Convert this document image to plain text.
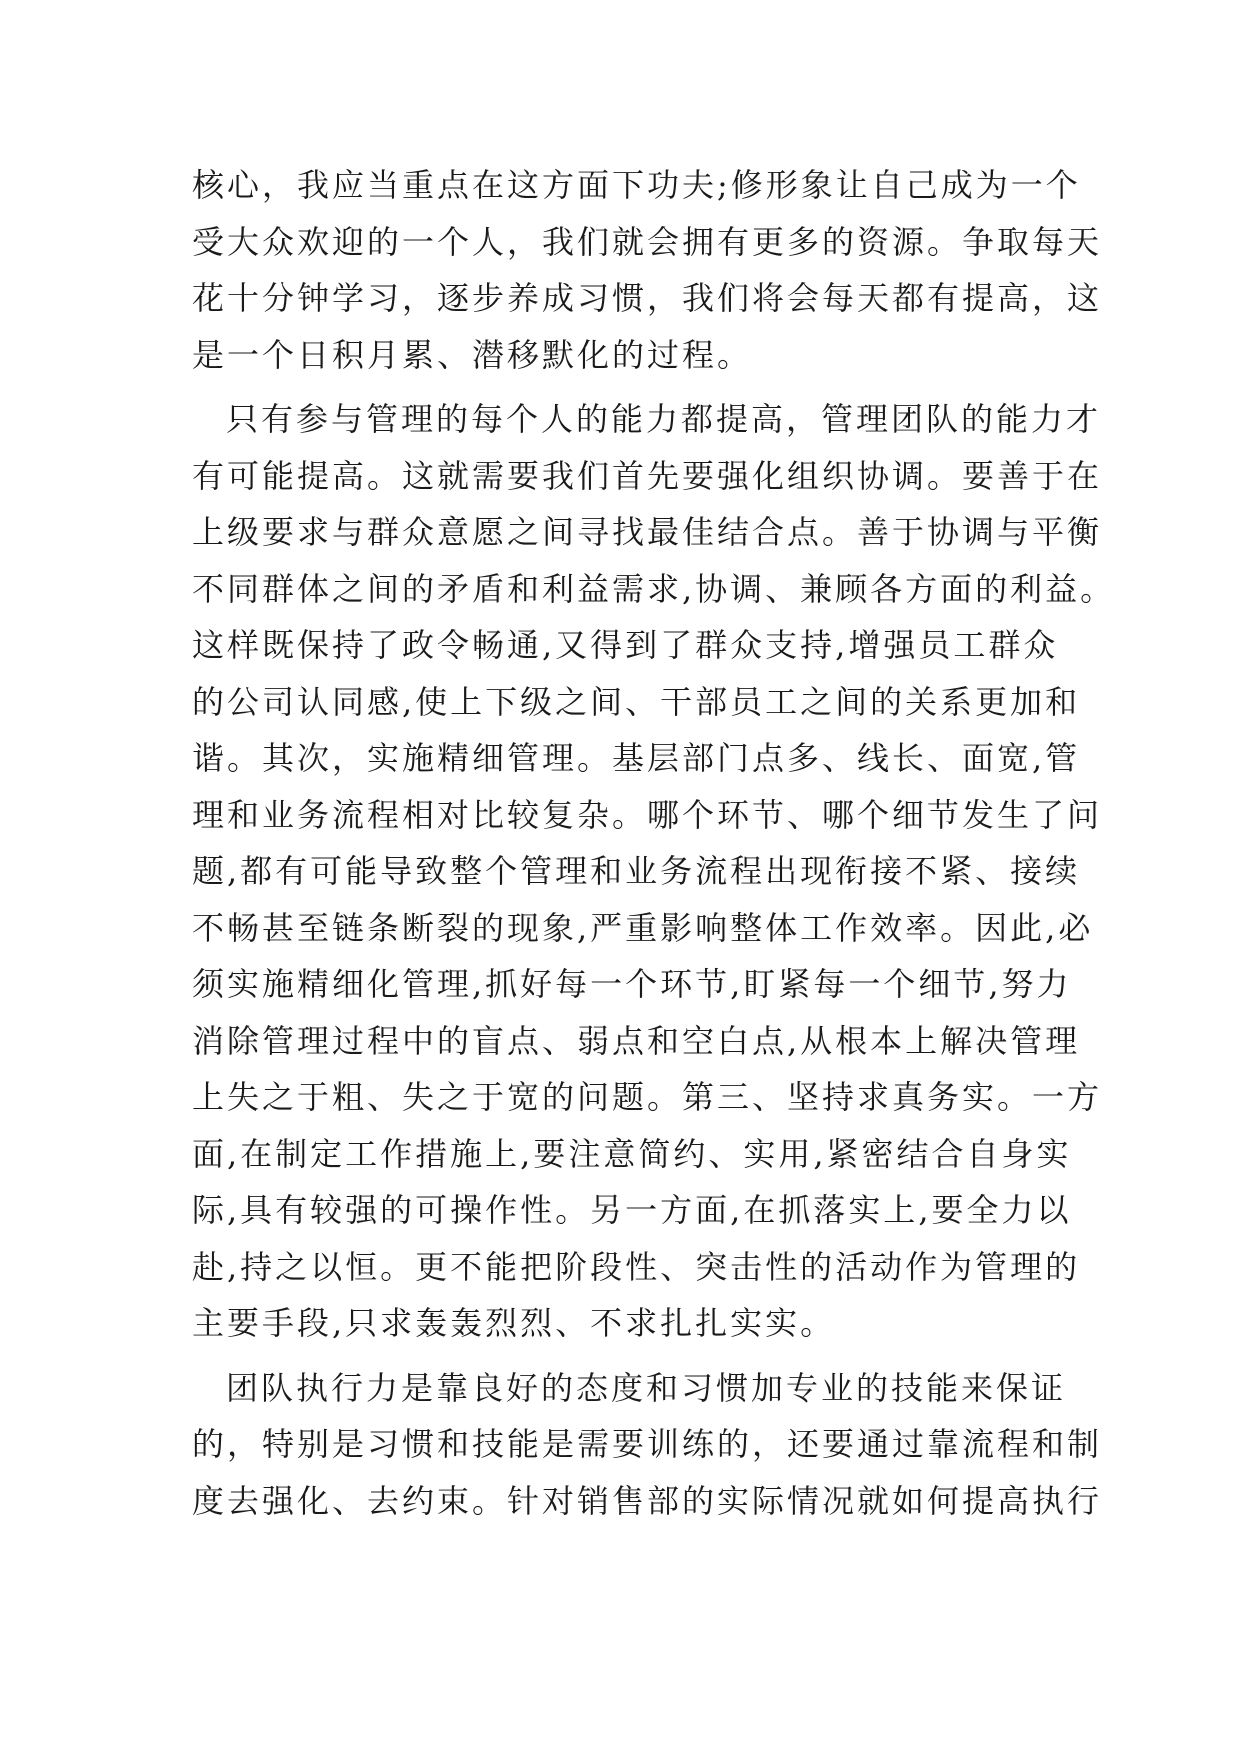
核心，我应当重点在这方面下功夫;修形象让自己成为一个
受大众欢迎的一个人，我们就会拥有更多的资源。争取每天
花十分钟学习，逐步养成习惯，我们将会每天都有提高，这
是一个日积月累、潜移默化的过程。
只有参与管理的每个人的能力都提高，管理团队的能力才
有可能提高。这就需要我们首先要强化组织协调。要善于在
上级要求与群众意愿之间寻找最佳结合点。善于协调与平衡
不同群体之间的矛盾和利益需求,协调、兼顾各方面的利益。
这样既保持了政令畅通,又得到了群众支持,增强员工群众
的公司认同感,使上下级之间、干部员工之间的关系更加和
谐。其次，实施精细管理。基层部门点多、线长、面宽,管
理和业务流程相对比较复杂。哪个环节、哪个细节发生了问
题,都有可能导致整个管理和业务流程出现衔接不紧、接续
不畅甚至链条断裂的现象,严重影响整体工作效率。因此,必
须实施精细化管理,抓好每一个环节,盯紧每一个细节,努力
消除管理过程中的盲点、弱点和空白点,从根本上解决管理
上失之于粗、失之于宽的问题。第三、坚持求真务实。一方
面,在制定工作措施上,要注意简约、实用,紧密结合自身实
际,具有较强的可操作性。另一方面,在抓落实上,要全力以
赴,持之以恒。更不能把阶段性、突击性的活动作为管理的
主要手段,只求轰轰烈烈、不求扎扎实实。
团队执行力是靠良好的态度和习惯加专业的技能来保证
的，特别是习惯和技能是需要训练的，还要通过靠流程和制
度去强化、去约束。针对销售部的实际情况就如何提高执行
